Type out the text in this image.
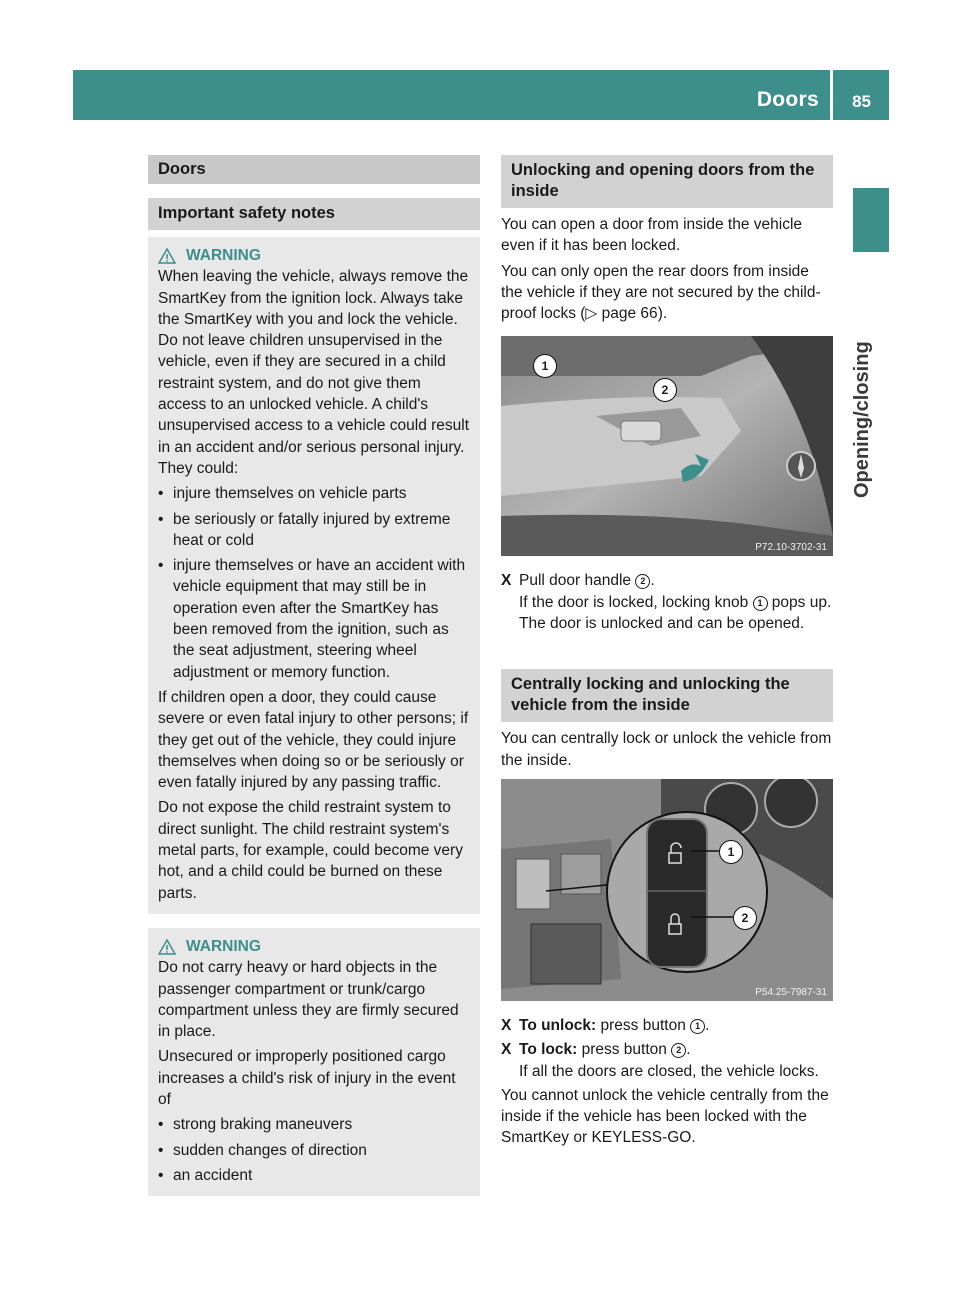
Doors 85
Opening/closing
Doors
Important safety notes
WARNING

When leaving the vehicle, always remove the SmartKey from the ignition lock. Always take the SmartKey with you and lock the vehicle. Do not leave children unsupervised in the vehicle, even if they are secured in a child restraint system, and do not give them access to an unlocked vehicle. A child's unsupervised access to a vehicle could result in an accident and/or serious personal injury. They could:

• injure themselves on vehicle parts
• be seriously or fatally injured by extreme heat or cold
• injure themselves or have an accident with vehicle equipment that may still be in operation even after the SmartKey has been removed from the ignition, such as the seat adjustment, steering wheel adjustment or memory function.

If children open a door, they could cause severe or even fatal injury to other persons; if they get out of the vehicle, they could injure themselves when doing so or be seriously or even fatally injured by any passing traffic.

Do not expose the child restraint system to direct sunlight. The child restraint system's metal parts, for example, could become very hot, and a child could be burned on these parts.

WARNING

Do not carry heavy or hard objects in the passenger compartment or trunk/cargo compartment unless they are firmly secured in place.

Unsecured or improperly positioned cargo increases a child's risk of injury in the event of

• strong braking maneuvers
• sudden changes of direction
• an accident
Unlocking and opening doors from the inside

You can open a door from inside the vehicle even if it has been locked.

You can only open the rear doors from inside the vehicle if they are not secured by the child-proof locks (▷ page 66).

1
2
P72.10-3702-31
X Pull door handle 2 .
If the door is locked, locking knob 1 pops up. The door is unlocked and can be opened.
Centrally locking and unlocking the vehicle from the inside

You can centrally lock or unlock the vehicle from the inside.

1
2
P54.25-7987-31
X To unlock: press button 1 .
X To lock: press button 2 .
If all the doors are closed, the vehicle locks.

You cannot unlock the vehicle centrally from the inside if the vehicle has been locked with the SmartKey or KEYLESS-GO.
